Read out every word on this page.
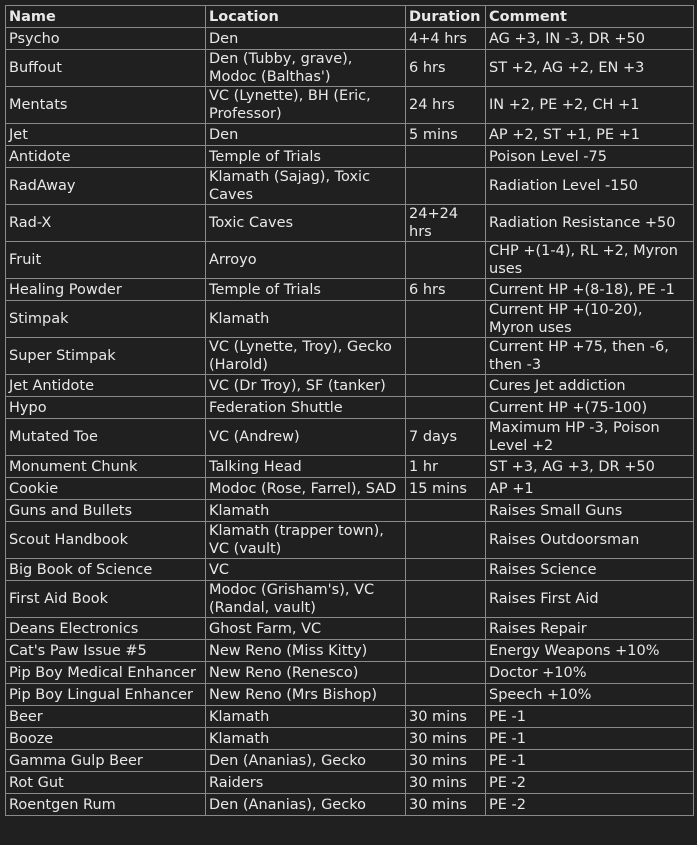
Name	Location	Duration	Comment
Psycho	Den	4+4 hrs	AG +3, IN -3, DR +50
Buffout	Den (Tubby, grave), Modoc (Balthas')	6 hrs	ST +2, AG +2, EN +3
Mentats	VC (Lynette), BH (Eric, Professor)	24 hrs	IN +2, PE +2, CH +1
Jet	Den	5 mins	AP +2, ST +1, PE +1
Antidote	Temple of Trials		Poison Level -75
RadAway	Klamath (Sajag), Toxic Caves		Radiation Level -150
Rad-X	Toxic Caves	24+24 hrs	Radiation Resistance +50
Fruit	Arroyo		CHP +(1-4), RL +2, Myron uses
Healing Powder	Temple of Trials	6 hrs	Current HP +(8-18), PE -1
Stimpak	Klamath		Current HP +(10-20), Myron uses
Super Stimpak	VC (Lynette, Troy), Gecko (Harold)		Current HP +75, then -6, then -3
Jet Antidote	VC (Dr Troy), SF (tanker)		Cures Jet addiction
Hypo	Federation Shuttle		Current HP +(75-100)
Mutated Toe	VC (Andrew)	7 days	Maximum HP -3, Poison Level +2
Monument Chunk	Talking Head	1 hr	ST +3, AG +3, DR +50
Cookie	Modoc (Rose, Farrel), SAD	15 mins	AP +1
Guns and Bullets	Klamath		Raises Small Guns
Scout Handbook	Klamath (trapper town), VC (vault)		Raises Outdoorsman
Big Book of Science	VC		Raises Science
First Aid Book	Modoc (Grisham's), VC (Randal, vault)		Raises First Aid
Deans Electronics	Ghost Farm, VC		Raises Repair
Cat's Paw Issue #5	New Reno (Miss Kitty)		Energy Weapons +10%
Pip Boy Medical Enhancer	New Reno (Renesco)		Doctor +10%
Pip Boy Lingual Enhancer	New Reno (Mrs Bishop)		Speech +10%
Beer	Klamath	30 mins	PE -1
Booze	Klamath	30 mins	PE -1
Gamma Gulp Beer	Den (Ananias), Gecko	30 mins	PE -1
Rot Gut	Raiders	30 mins	PE -2
Roentgen Rum	Den (Ananias), Gecko	30 mins	PE -2
